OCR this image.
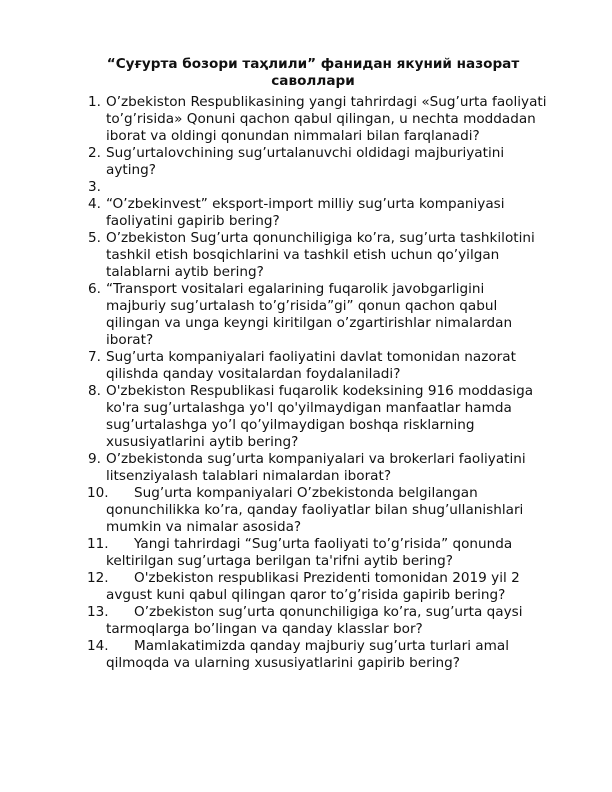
“Суғурта бозори таҳлили” фанидан якуний назорат саволлари
1. O’zbekiston Respublikasining yangi tahrirdagi «Sug’urta faoliyati to’g’risida» Qonuni qachon qabul qilingan, u nechta moddadan iborat va oldingi qonundan nimmalari bilan farqlanadi?
2. Sug’urtalovchining sug’urtalanuvchi oldidagi majburiyatini ayting?
3.
4. “O’zbekinvest” eksport-import milliy sug’urta kompaniyasi faoliyatini gapirib bering?
5. O’zbekiston Sug’urta qonunchiligiga ko’ra, sug’urta tashkilotini tashkil etish bosqichlarini va tashkil etish uchun qo’yilgan talablarni aytib bering?
6. “Transport vositalari egalarining fuqarolik javobgarligini majburiy sug’urtalash to’g’risida”gi” qonun qachon qabul qilingan va unga keyngi kiritilgan o’zgartirishlar nimalardan iborat?
7. Sug’urta kompaniyalari faoliyatini davlat tomonidan nazorat qilishda qanday vositalardan foydalaniladi?
8. O'zbekiston Respublikasi fuqarolik kodeksining 916 moddasiga ko'ra sug’urtalashga yo'l qo'yilmaydigan manfaatlar hamda sug’urtalashga yo’l qo’yilmaydigan boshqa risklarning xususiyatlarini aytib bering?
9. O’zbekistonda sug’urta kompaniyalari va brokerlari faoliyatini litsenziyalash talablari nimalardan iborat?
10.	Sug’urta kompaniyalari O’zbekistonda belgilangan qonunchilikka ko’ra, qanday faoliyatlar bilan shug’ullanishlari mumkin va nimalar asosida?
11.	Yangi tahrirdagi “Sug’urta faoliyati to’g’risida” qonunda keltirilgan sug’urtaga berilgan ta'rifni aytib bering?
12.	O'zbekiston respublikasi Prezidenti tomonidan 2019 yil 2 avgust kuni qabul qilingan qaror to’g’risida gapirib bering?
13.	O’zbekiston sug’urta qonunchiligiga ko’ra, sug’urta qaysi tarmoqlarga bo’lingan va qanday klasslar bor?
14.	Mamlakatimizda qanday majburiy sug’urta turlari amal qilmoqda va ularning xususiyatlarini gapirib bering?
